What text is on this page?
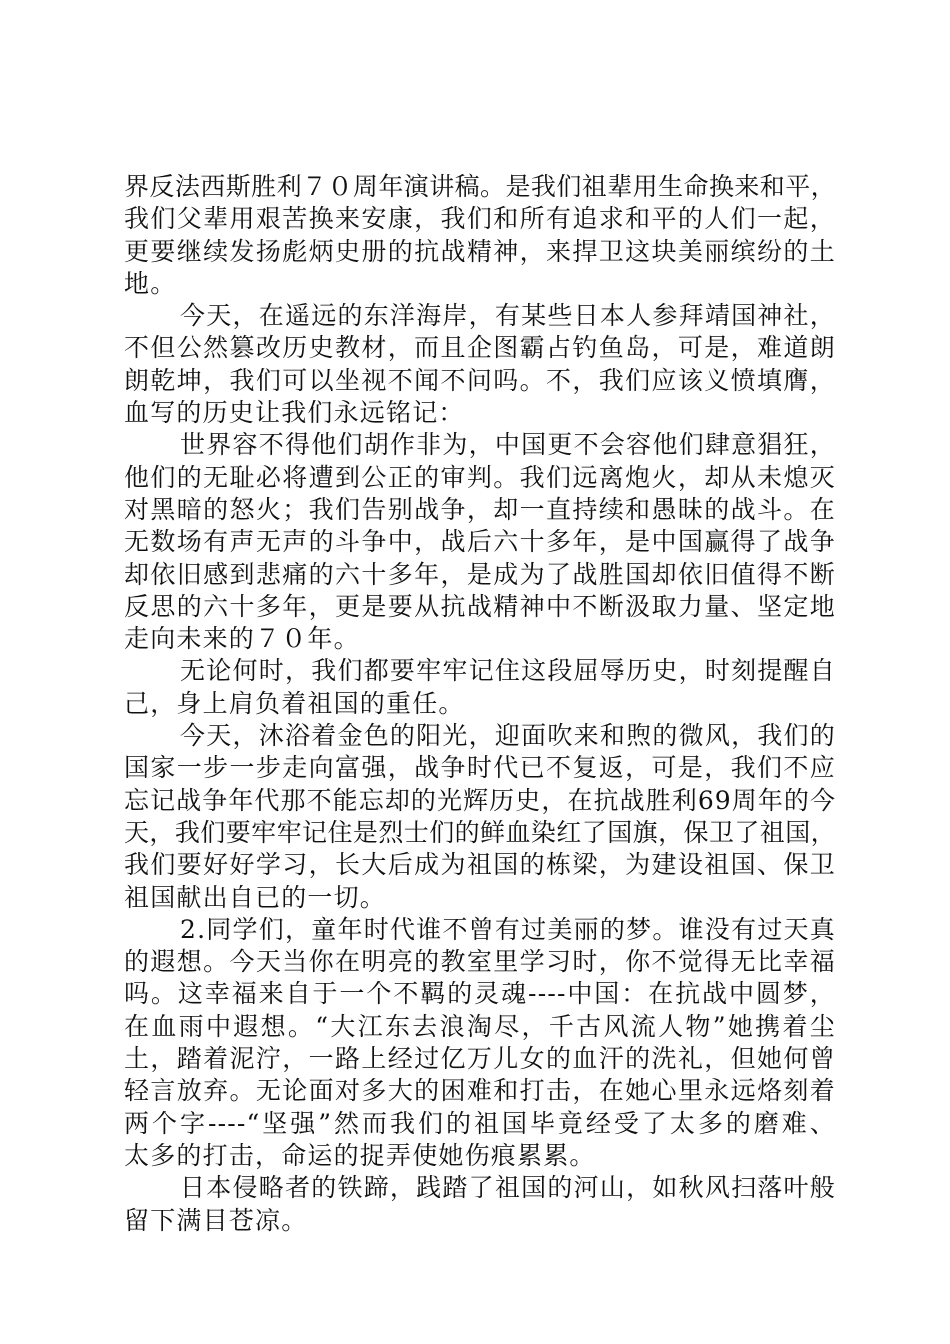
界反法西斯胜利７０周年演讲稿。是我们祖辈用生命换来和平，
我们父辈用艰苦换来安康，我们和所有追求和平的人们一起，
更要继续发扬彪炳史册的抗战精神，来捍卫这块美丽缤纷的土
地。
今天，在遥远的东洋海岸，有某些日本人参拜靖国神社，
不但公然篡改历史教材，而且企图霸占钓鱼岛，可是，难道朗
朗乾坤，我们可以坐视不闻不问吗。不，我们应该义愤填膺，
血写的历史让我们永远铭记：
世界容不得他们胡作非为，中国更不会容他们肆意猖狂，
他们的无耻必将遭到公正的审判。我们远离炮火，却从未熄灭
对黑暗的怒火；我们告别战争，却一直持续和愚昧的战斗。在
无数场有声无声的斗争中，战后六十多年，是中国赢得了战争
却依旧感到悲痛的六十多年，是成为了战胜国却依旧值得不断
反思的六十多年，更是要从抗战精神中不断汲取力量、坚定地
走向未来的７０年。
无论何时，我们都要牢牢记住这段屈辱历史，时刻提醒自
己，身上肩负着祖国的重任。
今天，沐浴着金色的阳光，迎面吹来和煦的微风，我们的
国家一步一步走向富强，战争时代已不复返，可是，我们不应
忘记战争年代那不能忘却的光辉历史，在抗战胜利69周年的今
天，我们要牢牢记住是烈士们的鲜血染红了国旗，保卫了祖国，
我们要好好学习，长大后成为祖国的栋梁，为建设祖国、保卫
祖国献出自已的一切。
2.同学们，童年时代谁不曾有过美丽的梦。谁没有过天真
的遐想。今天当你在明亮的教室里学习时，你不觉得无比幸福
吗。这幸福来自于一个不羁的灵魂----中国：在抗战中圆梦，
在血雨中遐想。“大江东去浪淘尽，千古风流人物”她携着尘
土，踏着泥泞，一路上经过亿万儿女的血汗的洗礼，但她何曾
轻言放弃。无论面对多大的困难和打击，在她心里永远烙刻着
两个字----“坚强”然而我们的祖国毕竟经受了太多的磨难、
太多的打击，命运的捉弄使她伤痕累累。
日本侵略者的铁蹄，践踏了祖国的河山，如秋风扫落叶般
留下满目苍凉。
